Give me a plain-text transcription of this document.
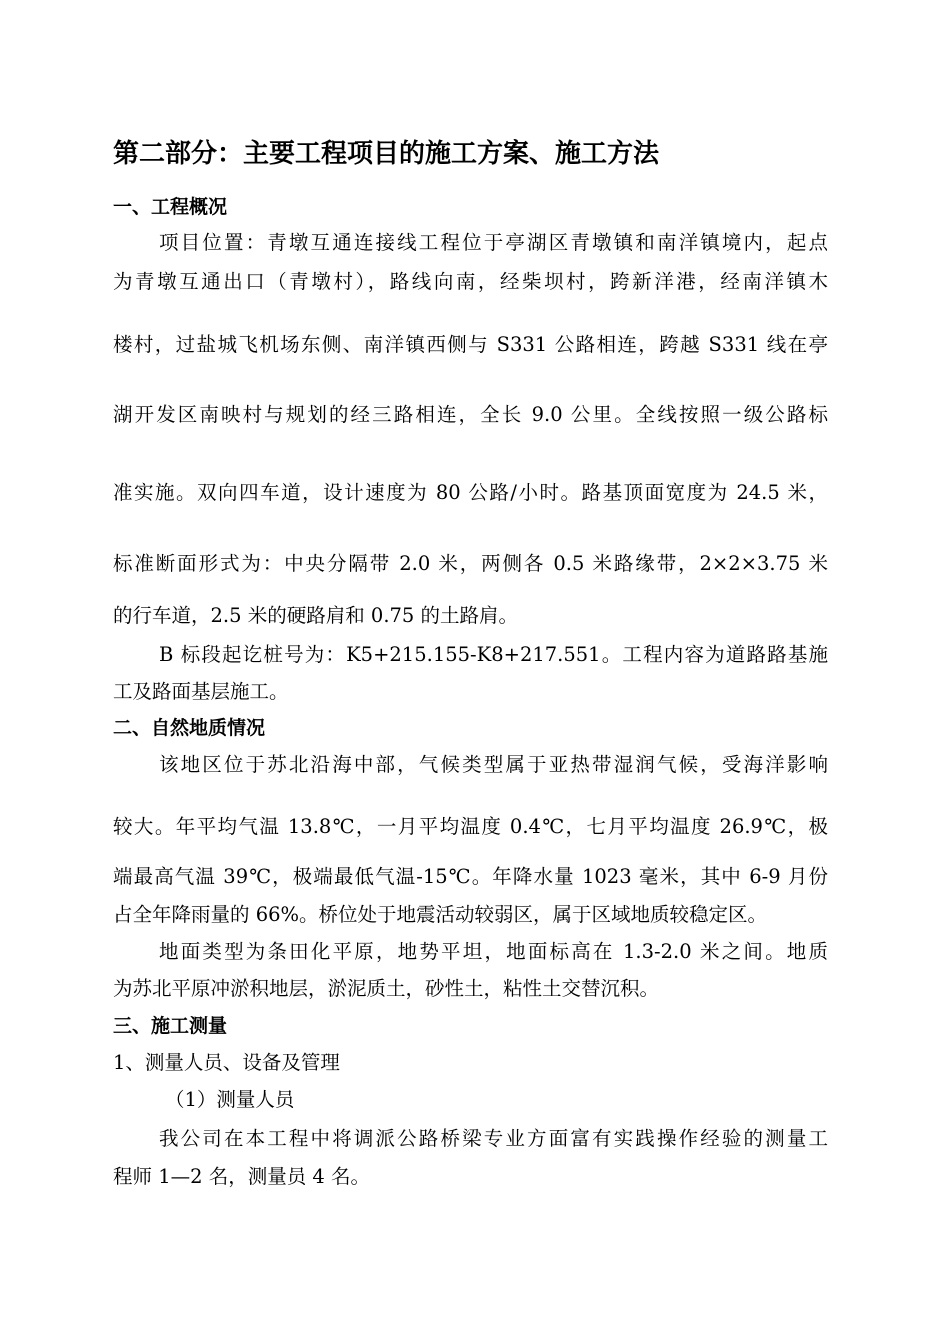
第二部分：主要工程项目的施工方案、施工方法
一、工程概况
项目位置：青墩互通连接线工程位于亭湖区青墩镇和南洋镇境内，起点
为青墩互通出口（青墩村），路线向南，经柴坝村，跨新洋港，经南洋镇木
楼村，过盐城飞机场东侧、南洋镇西侧与 S331 公路相连，跨越 S331 线在亭
湖开发区南映村与规划的经三路相连，全长 9.0 公里。全线按照一级公路标
准实施。双向四车道，设计速度为 80 公路/小时。路基顶面宽度为 24.5 米，
标准断面形式为：中央分隔带 2.0 米，两侧各 0.5 米路缘带，2×2×3.75 米
的行车道，2.5 米的硬路肩和 0.75 的土路肩。
B 标段起讫桩号为：K5+215.155-K8+217.551。工程内容为道路路基施
工及路面基层施工。
二、自然地质情况
该地区位于苏北沿海中部，气候类型属于亚热带湿润气候，受海洋影响
较大。年平均气温 13.8℃，一月平均温度 0.4℃，七月平均温度 26.9℃，极
端最高气温 39℃，极端最低气温-15℃。年降水量 1023 毫米，其中 6-9 月份
占全年降雨量的 66%。桥位处于地震活动较弱区，属于区域地质较稳定区。
地面类型为条田化平原，地势平坦，地面标高在 1.3-2.0 米之间。地质
为苏北平原冲淤积地层，淤泥质土，砂性土，粘性土交替沉积。
三、施工测量
1、测量人员、设备及管理
（1）测量人员
我公司在本工程中将调派公路桥梁专业方面富有实践操作经验的测量工
程师 1—2 名，测量员 4 名。
